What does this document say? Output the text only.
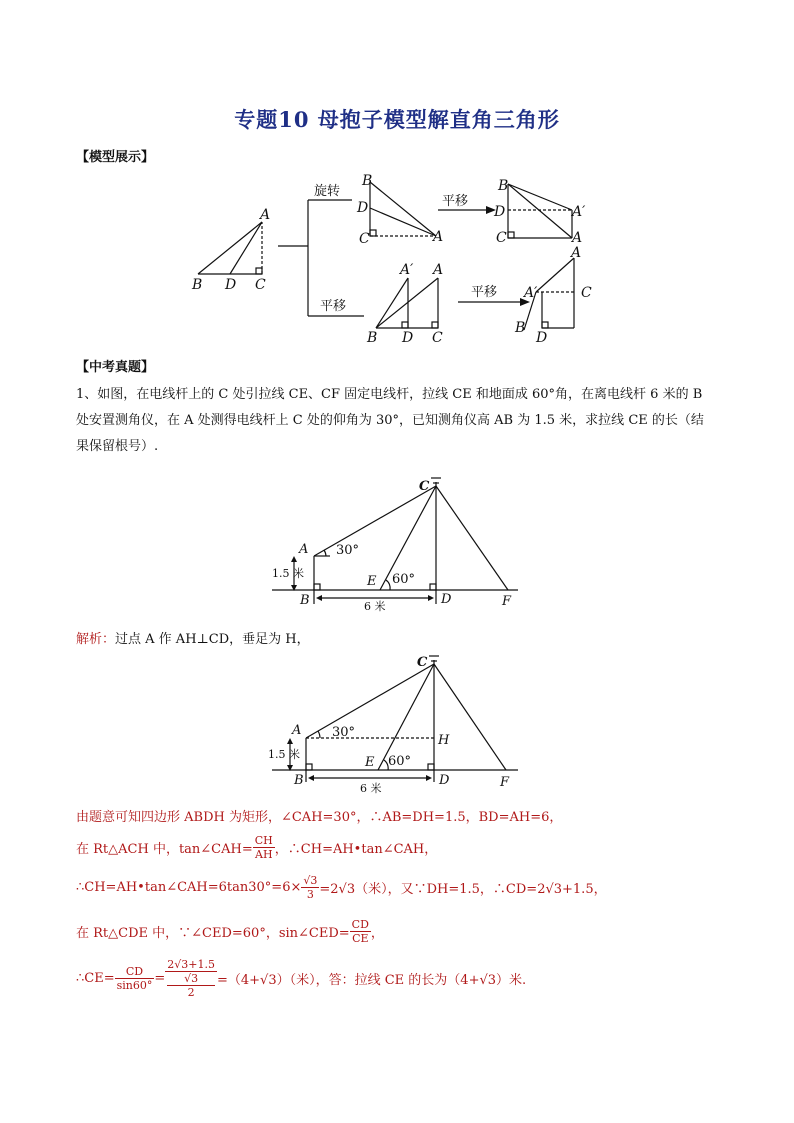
专题10 母抱子模型解直角三角形
【模型展示】
A
B D C
B
D
C	A
B
D
C
A′
A
A′ A
B D C
A
A′	C
B
D
旋转
平移
平移
平移
【中考真题】
1、如图，在电线杆上的 C 处引拉线 CE、CF 固定电线杆，拉线 CE 和地面成 60°角，在离电线杆 6 米的 B
处安置测角仪，在 A 处测得电线杆上 C 处的仰角为 30°，已知测角仪高 AB 为 1.5 米，求拉线 CE 的长（结
果保留根号）.
C
A
B	D
E
F
30°
60°
1.5 米
6 米
解析：过点 A 作 AH⊥CD，垂足为 H，
C
A
B	D
E
F
H
30°
60°
1.5 米
6 米
由题意可知四边形 ABDH 为矩形，∠CAH=30°，∴AB=DH=1.5，BD=AH=6，
在 Rt△ACH 中，tan∠CAH= $\frac{CH}{AH}$ ，∴CH=AH•tan∠CAH，
∴CH=AH•tan∠CAH=6tan30°=6× $\frac{√3}{3} =2√3$（米），又∵DH=1.5，∴CD=2√3+1.5，
在 Rt△CDE 中，∵∠CED=60°，sin∠CED= $\frac{CD}{CE}$ ，
∴CE= $\frac{CD}{\sin 60^\circ} = 2√3+1.5$
√3
2 =（4+√3）（米），答：拉线 CE 的长为（4+√3）米.
